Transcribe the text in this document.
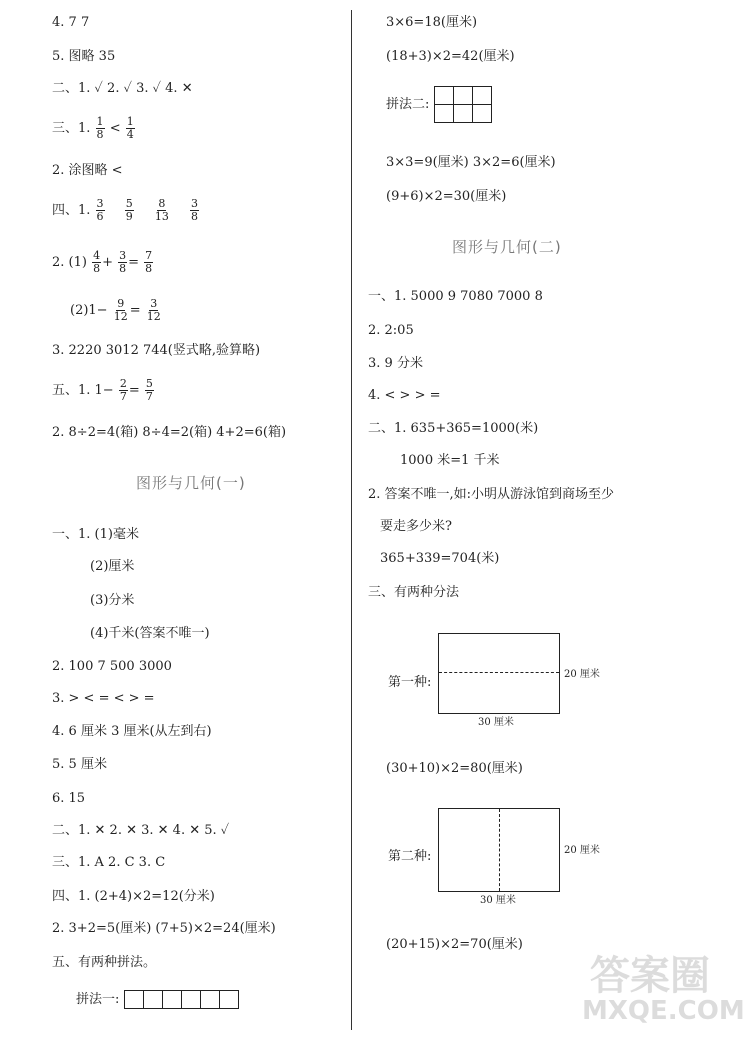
4. 7 7
5. 图略 35
二、1. ✓ 2. ✓ 3. ✓ 4. ✕
三、1. $\frac{1}{8} < \frac{1}{4}$
2. 涂图略 <
四、1. $\frac{3}{6}$
$\frac{5}{9}$
$\frac{8}{13}$
$\frac{3}{8}$
2. $(1) \frac{4}{8} + \frac{3}{8} = \frac{7}{8}$
$(2)1- \frac{9}{12} = \frac{3}{12}$
3. 2220 3012 744(竖式略,验算略)
五、1. $1- \frac{2}{7} = \frac{5}{7}$
2. 8÷2=4(箱) 8÷4=2(箱) 4+2=6(箱)
图形与几何(一)
一、1. (1)毫米
(2)厘米
(3)分米
(4)千米(答案不唯一)
2. 100 7 500 3000
3. > < = < > =
4. 6 厘米 3 厘米(从左到右)
5. 5 厘米
6. 15
二、1. ✕ 2. ✕ 3. ✕ 4. ✕ 5. ✓
三、1. A 2. C 3. C
四、1. (2+4)×2=12(分米)
2. 3+2=5(厘米) (7+5)×2=24(厘米)
五、有两种拼法。
拼法一:					
3×6=18(厘米)
(18+3)×2=42(厘米)
拼法二:		

3×3=9(厘米) 3×2=6(厘米)
(9+6)×2=30(厘米)
图形与几何(二)
一、1. 5000 9 7080 7000 8
2. 2:05
3. 9 分米
4. < > > =
二、1. 635+365=1000(米)
1000 米=1 千米
2. 答案不唯一,如:小明从游泳馆到商场至少
要走多少米?
365+339=704(米)
三、有两种分法
第一种:
20 厘米
30 厘米
(30+10)×2=80(厘米)
第二种:	20 厘米
30 厘米
(20+15)×2=70(厘米)
答案圈
MXQE.COM
